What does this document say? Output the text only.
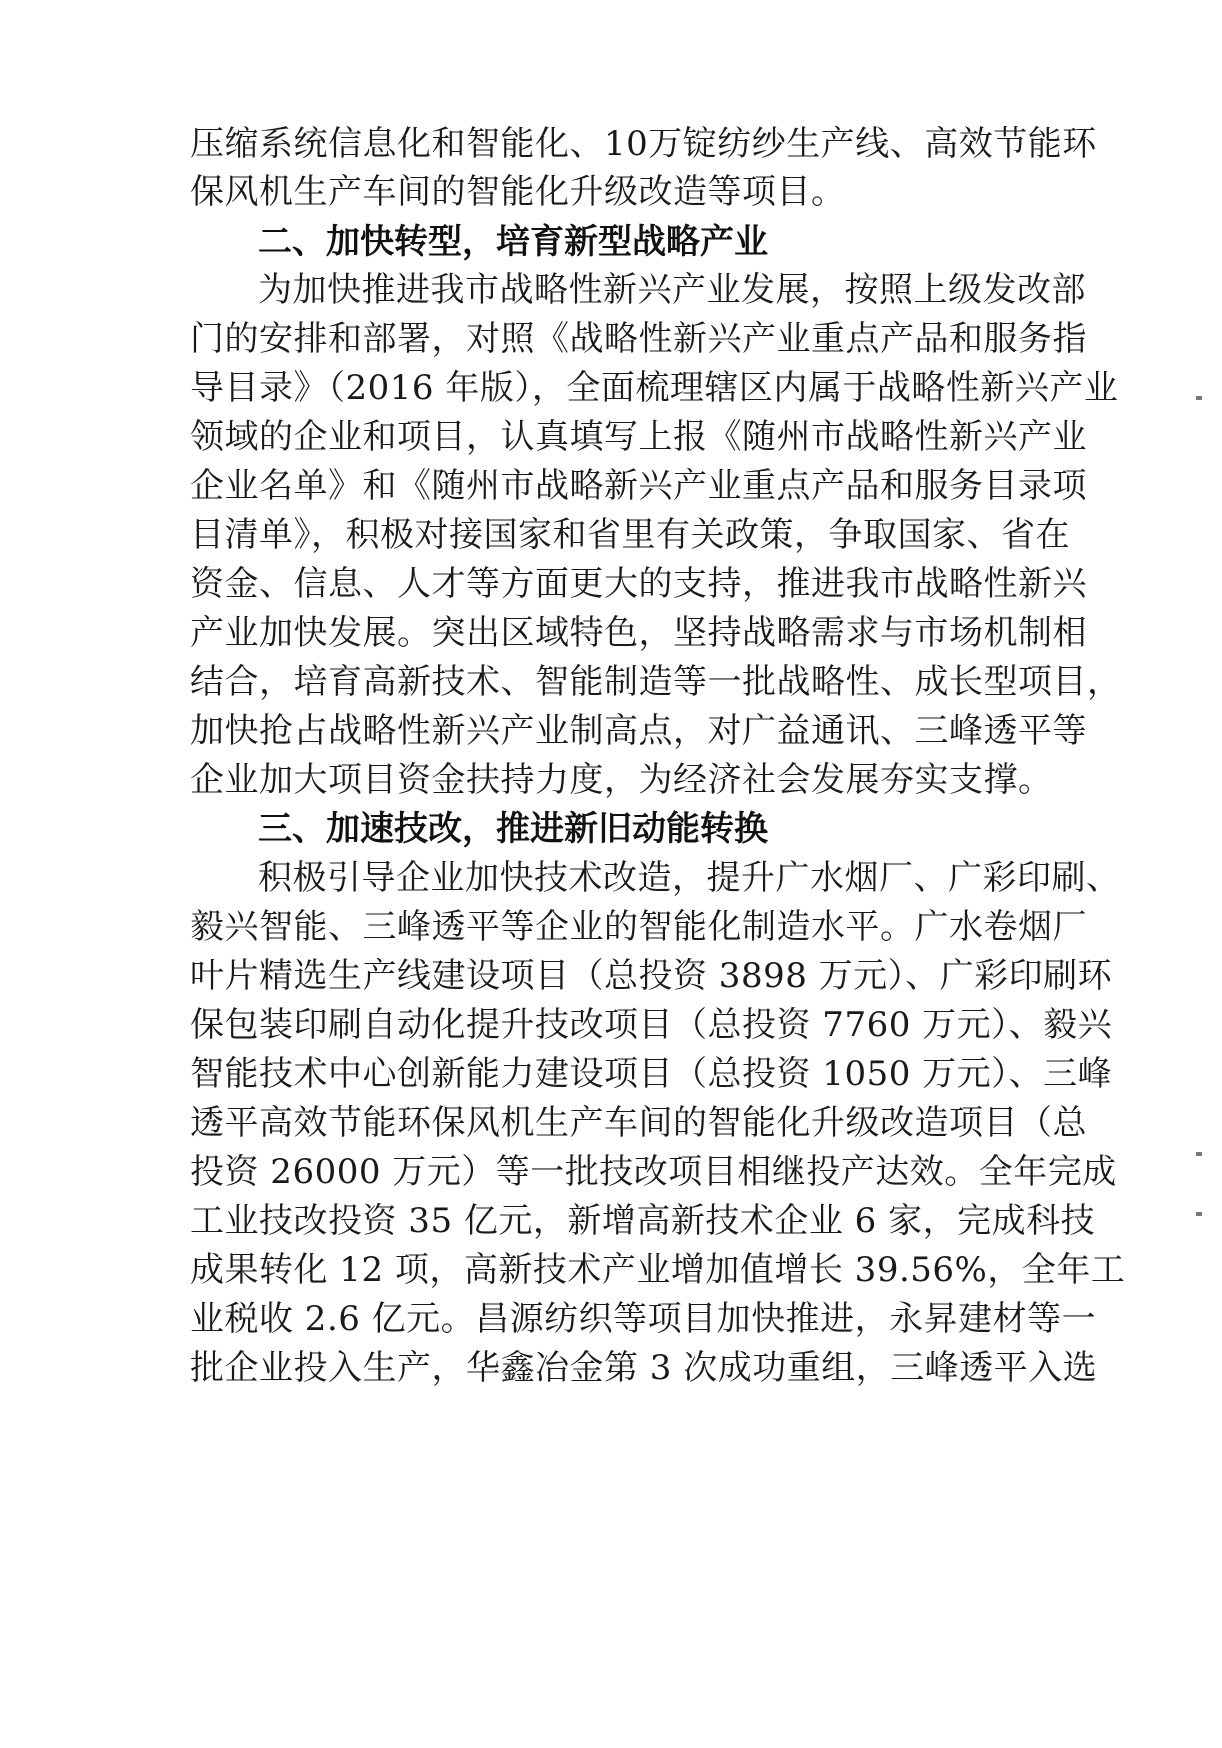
压缩系统信息化和智能化、10万锭纺纱生产线、高效节能环
保风机生产车间的智能化升级改造等项目。
二、加快转型，培育新型战略产业
为加快推进我市战略性新兴产业发展，按照上级发改部
门的安排和部署，对照《战略性新兴产业重点产品和服务指
导目录》（2016 年版），全面梳理辖区内属于战略性新兴产业
领域的企业和项目，认真填写上报《随州市战略性新兴产业
企业名单》和《随州市战略新兴产业重点产品和服务目录项
目清单》，积极对接国家和省里有关政策，争取国家、省在
资金、信息、人才等方面更大的支持，推进我市战略性新兴
产业加快发展。突出区域特色，坚持战略需求与市场机制相
结合，培育高新技术、智能制造等一批战略性、成长型项目，
加快抢占战略性新兴产业制高点，对广益通讯、三峰透平等
企业加大项目资金扶持力度，为经济社会发展夯实支撑。
三、加速技改，推进新旧动能转换
积极引导企业加快技术改造，提升广水烟厂、广彩印刷、
毅兴智能、三峰透平等企业的智能化制造水平。广水卷烟厂
叶片精选生产线建设项目（总投资 3898 万元）、广彩印刷环
保包装印刷自动化提升技改项目（总投资 7760 万元）、毅兴
智能技术中心创新能力建设项目（总投资 1050 万元）、三峰
透平高效节能环保风机生产车间的智能化升级改造项目（总
投资 26000 万元）等一批技改项目相继投产达效。全年完成
工业技改投资 35 亿元，新增高新技术企业 6 家，完成科技
成果转化 12 项，高新技术产业增加值增长 39.56%，全年工
业税收 2.6 亿元。昌源纺织等项目加快推进，永昇建材等一
批企业投入生产，华鑫冶金第 3 次成功重组，三峰透平入选
